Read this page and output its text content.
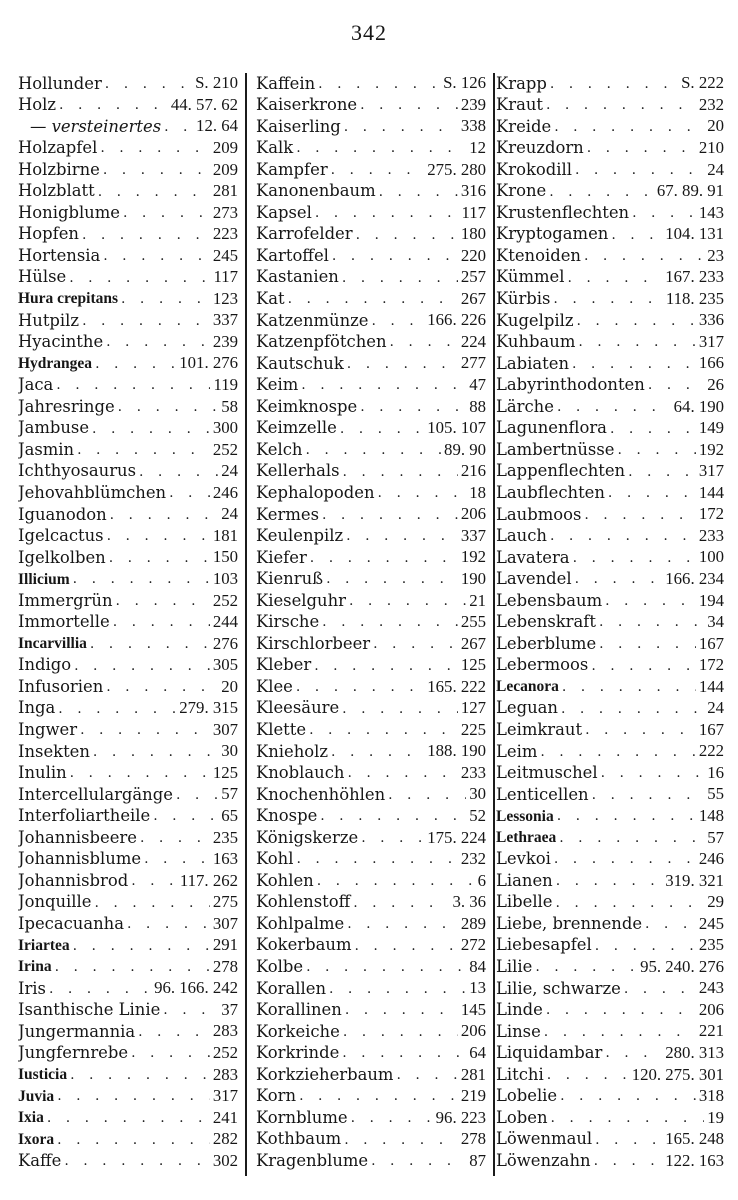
342
Hollunder . . .	S. 210
Holz . . .	44. 57. 62
— versteinertes . . . 12. 64
Holzapfel . . .	209
Holzbirne . . .	209
Holzblatt . . .	281
Honigblume . . .	273
Hopfen . . .	223
Hortensia . . .	245
Hülse . . .	117
Hura crepitans . . .	123
Hutpilz . . .	337
Hyacinthe . . .	239
Hydrangea . . .	101. 276
Jaca . . .	119
Jahresringe . . .	58
Jambuse . . .	300
Jasmin . . .	252
Ichthyosaurus . . .	24
Jehovahblümchen . . .	246
Iguanodon . . .	24
Igelcactus . . .	181
Igelkolben . . .	150
Illicium . . .	103
Immergrün . . .	252
Immortelle . . .	244
Incarvillia . . .	276
Indigo . . .	305
Infusorien . . .	20
Inga . . .	279. 315
Ingwer . . .	307
Insekten . . .	30
Inulin . . .	125
Intercellulargänge . . .	57
Interfoliartheile . . .	65
Johannisbeere . . .	235
Johannisblume . . .	163
Johannisbrod . . .	117. 262
Jonquille . . .	275
Ipecacuanha . . .	307
Iriartea . . .	291
Irina . . .	278
Iris . . .	96. 166. 242
Isanthische Linie . . .	37
Jungermannia . . .	283
Jungfernrebe . . .	252
Iusticia . . .	283
Juvia . . .	317
Ixia . . .	241
Ixora . . .	282
Kaffe . . .	302
Kaffein . . .	S. 126
Kaiserkrone . . .	239
Kaiserling . . .	338
Kalk . . .	12
Kampfer . . .	275. 280
Kanonenbaum . . .	316
Kapsel . . .	117
Karrofelder . . .	180
Kartoffel . . .	220
Kastanien . . .	257
Kat . . .	267
Katzenmünze . . .	166. 226
Katzenpfötchen . . .	224
Kautschuk . . .	277
Keim . . .	47
Keimknospe . . .	88
Keimzelle . . .	105. 107
Kelch . . .	89. 90
Kellerhals . . .	216
Kephalopoden . . .	18
Kermes . . .	206
Keulenpilz . . .	337
Kiefer . . .	192
Kienruß . . .	190
Kieselguhr . . .	21
Kirsche . . .	255
Kirschlorbeer . . .	267
Kleber . . .	125
Klee . . .	165. 222
Kleesäure . . .	127
Klette . . .	225
Knieholz . . .	188. 190
Knoblauch . . .	233
Knochenhöhlen . . .	30
Knospe . . .	52
Königskerze . . .	175. 224
Kohl . . .	232
Kohlen . . .	6
Kohlenstoff . . .	3. 36
Kohlpalme . . .	289
Kokerbaum . . .	272
Kolbe . . .	84
Korallen . . .	13
Korallinen . . .	145
Korkeiche . . .	206
Korkrinde . . .	64
Korkzieherbaum . . .	281
Korn . . .	219
Kornblume . . .	96. 223
Kothbaum . . .	278
Kragenblume . . .	87
Krapp . . .	S. 222
Kraut . . .	232
Kreide . . .	20
Kreuzdorn . . .	210
Krokodill . . .	24
Krone . . .	67. 89. 91
Krustenflechten . . .	143
Kryptogamen . . .	104. 131
Ktenoiden . . .	23
Kümmel . . .	167. 233
Kürbis . . .	118. 235
Kugelpilz . . .	336
Kuhbaum . . .	317
Labiaten . . .	166
Labyrinthodonten . . .	26
Lärche . . .	64. 190
Lagunenflora . . .	149
Lambertnüsse . . .	192
Lappenflechten . . .	317
Laubflechten . . .	144
Laubmoos . . .	172
Lauch . . .	233
Lavatera . . .	100
Lavendel . . .	166. 234
Lebensbaum . . .	194
Lebenskraft . . .	34
Leberblume . . .	167
Lebermoos . . .	172
Lecanora . . .	144
Leguan . . .	24
Leimkraut . . .	167
Leim . . .	222
Leitmuschel . . .	16
Lenticellen . . .	55
Lessonia . . .	148
Lethraea . . .	57
Levkoi . . .	246
Lianen . . .	319. 321
Libelle . . .	29
Liebe, brennende . . .	245
Liebesapfel . . .	235
Lilie . . .	95. 240. 276
Lilie, schwarze . . .	243
Linde . . .	206
Linse . . .	221
Liquidambar . . .	280. 313
Litchi . . .	120. 275. 301
Lobelie . . .	318
Loben . . .	19
Löwenmaul . . .	165. 248
Löwenzahn . . .	122. 163
